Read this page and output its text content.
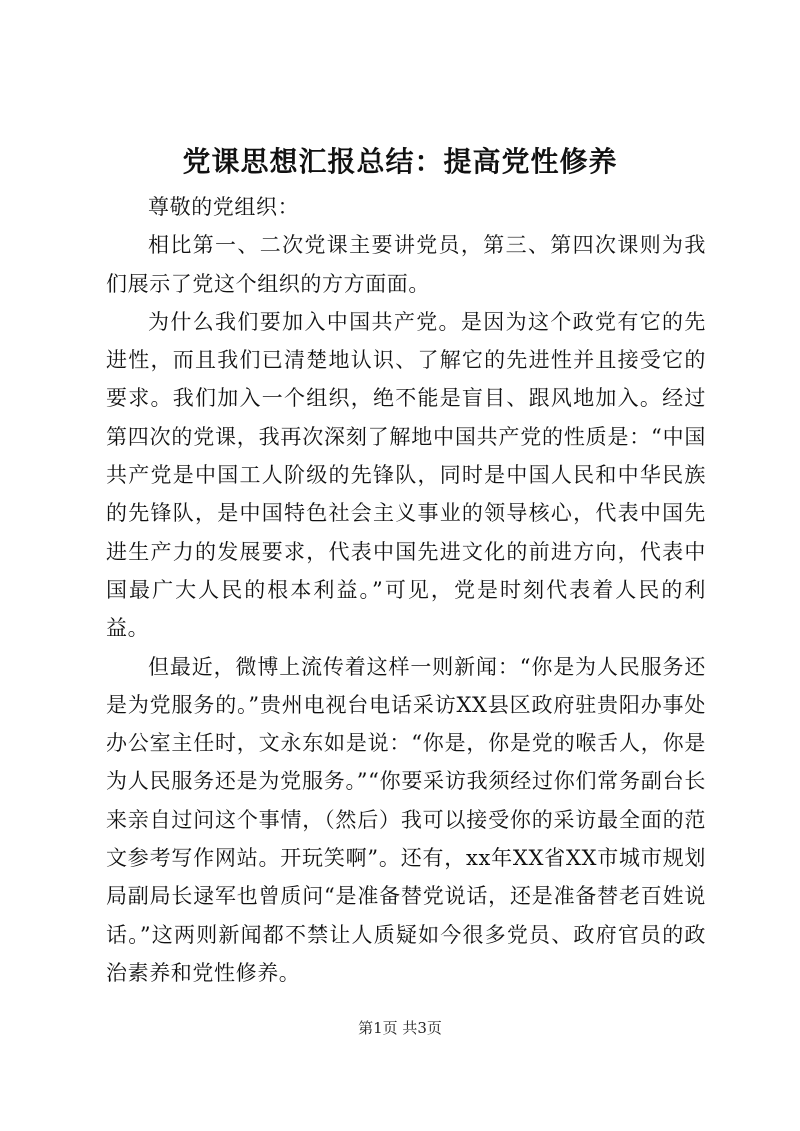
党课思想汇报总结：提高党性修养

尊敬的党组织：

相比第一、二次党课主要讲党员，第三、第四次课则为我们展示了党这个组织的方方面面。

为什么我们要加入中国共产党。是因为这个政党有它的先进性，而且我们已清楚地认识、了解它的先进性并且接受它的要求。我们加入一个组织，绝不能是盲目、跟风地加入。经过第四次的党课，我再次深刻了解地中国共产党的性质是：“中国共产党是中国工人阶级的先锋队，同时是中国人民和中华民族的先锋队，是中国特色社会主义事业的领导核心，代表中国先进生产力的发展要求，代表中国先进文化的前进方向，代表中国最广大人民的根本利益。”可见，党是时刻代表着人民的利益。

但最近，微博上流传着这样一则新闻：“你是为人民服务还是为党服务的。”贵州电视台电话采访XX县区政府驻贵阳办事处办公室主任时，文永东如是说：“你是，你是党的喉舌人，你是为人民服务还是为党服务。”“你要采访我须经过你们常务副台长来亲自过问这个事情，（然后）我可以接受你的采访最全面的范文参考写作网站。开玩笑啊”。还有，xx年XX省XX市城市规划局副局长逯军也曾质问“是准备替党说话，还是准备替老百姓说话。”这两则新闻都不禁让人质疑如今很多党员、政府官员的政治素养和党性修养。

第1页 共3页
